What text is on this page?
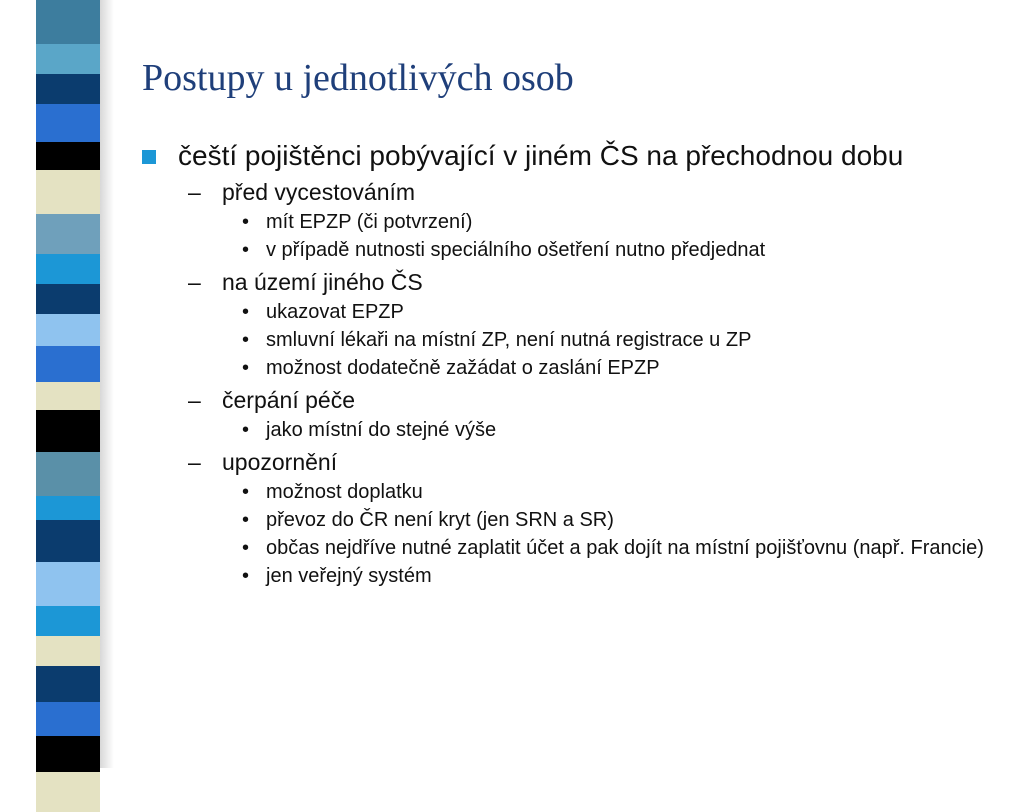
Postupy u jednotlivých osob
čeští pojištěnci pobývající v jiném ČS na přechodnou dobu
– před vycestováním
• mít EPZP (či potvrzení)
• v případě nutnosti speciálního ošetření nutno předjednat
– na území jiného ČS
• ukazovat EPZP
• smluvní lékaři na místní ZP, není nutná registrace u ZP
• možnost dodatečně zažádat o zaslání EPZP
– čerpání péče
• jako místní do stejné výše
– upozornění
• možnost doplatku
• převoz do ČR není kryt (jen SRN a SR)
• občas nejdříve nutné zaplatit účet a pak dojít na místní pojišťovnu (např. Francie)
• jen veřejný systém
